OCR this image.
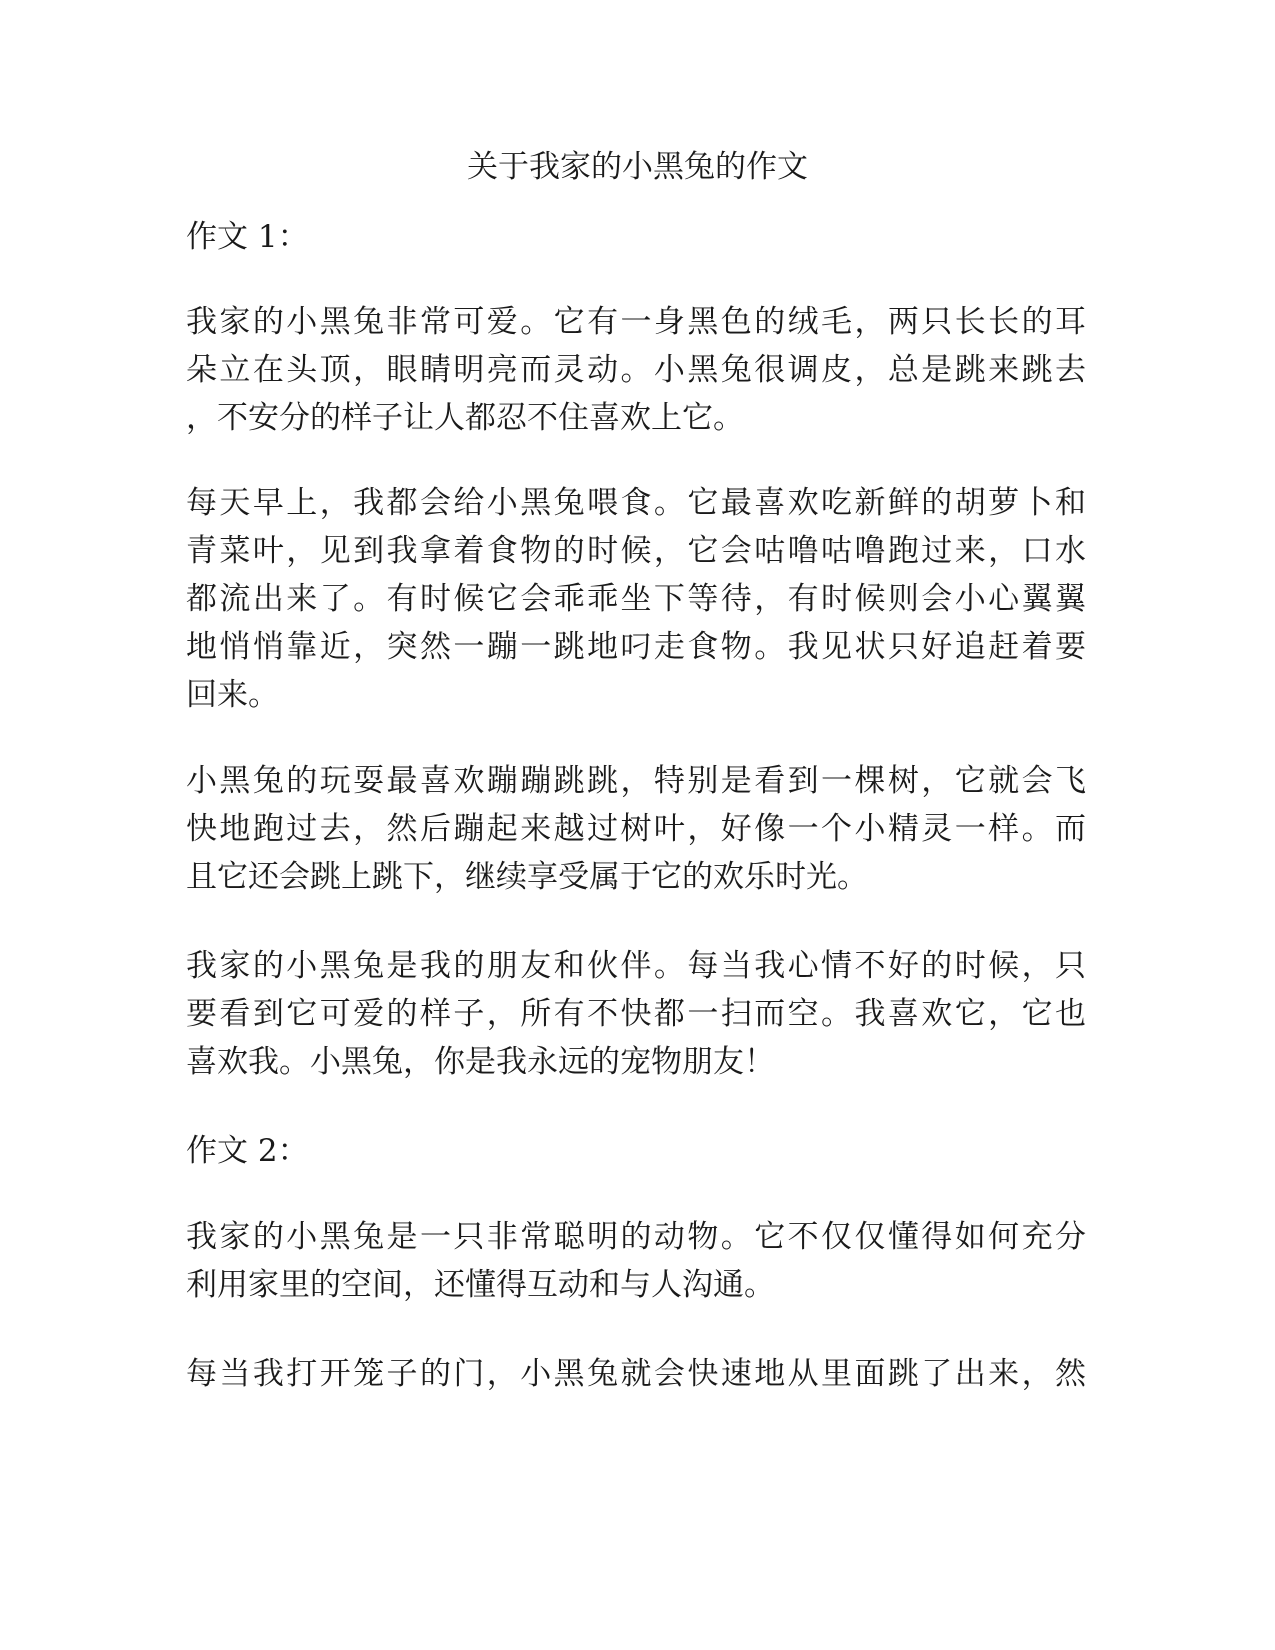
关于我家的小黑兔的作文

作文 1：

我家的小黑兔非常可爱。它有一身黑色的绒毛，两只长长的耳

朵立在头顶，眼睛明亮而灵动。小黑兔很调皮，总是跳来跳去

，不安分的样子让人都忍不住喜欢上它。

每天早上，我都会给小黑兔喂食。它最喜欢吃新鲜的胡萝卜和

青菜叶，见到我拿着食物的时候，它会咕噜咕噜跑过来，口水

都流出来了。有时候它会乖乖坐下等待，有时候则会小心翼翼

地悄悄靠近，突然一蹦一跳地叼走食物。我见状只好追赶着要

回来。

小黑兔的玩耍最喜欢蹦蹦跳跳，特别是看到一棵树，它就会飞

快地跑过去，然后蹦起来越过树叶，好像一个小精灵一样。而

且它还会跳上跳下，继续享受属于它的欢乐时光。

我家的小黑兔是我的朋友和伙伴。每当我心情不好的时候，只

要看到它可爱的样子，所有不快都一扫而空。我喜欢它，它也

喜欢我。小黑兔，你是我永远的宠物朋友！

作文 2：

我家的小黑兔是一只非常聪明的动物。它不仅仅懂得如何充分

利用家里的空间，还懂得互动和与人沟通。

每当我打开笼子的门，小黑兔就会快速地从里面跳了出来，然
